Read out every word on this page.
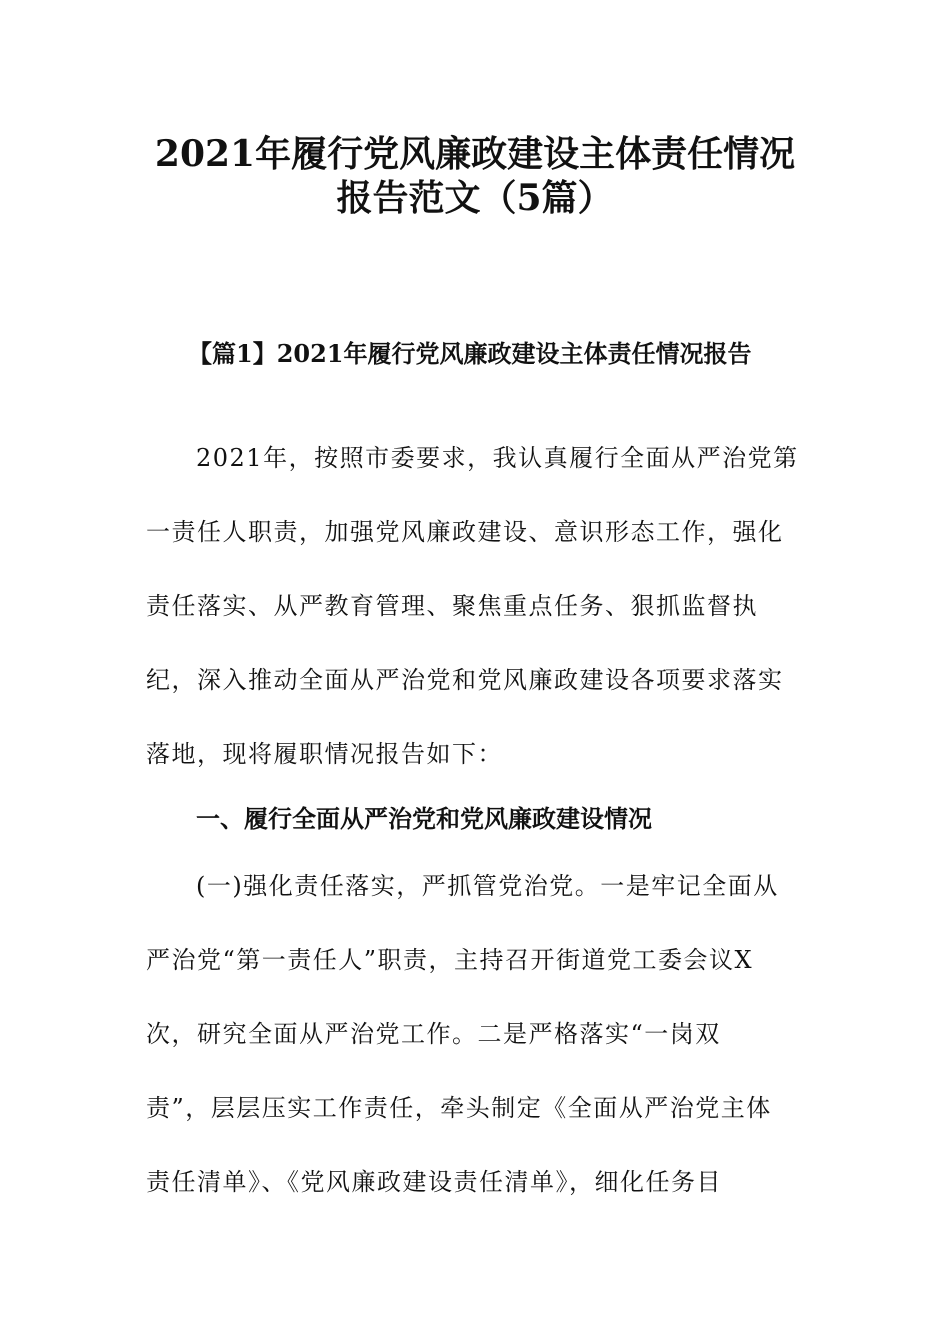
2021年履行党风廉政建设主体责任情况
报告范文（5篇）
【篇1】2021年履行党风廉政建设主体责任情况报告
2021年，按照市委要求，我认真履行全面从严治党第
一责任人职责，加强党风廉政建设、意识形态工作，强化
责任落实、从严教育管理、聚焦重点任务、狠抓监督执
纪，深入推动全面从严治党和党风廉政建设各项要求落实
落地，现将履职情况报告如下：
一、履行全面从严治党和党风廉政建设情况
(一)强化责任落实，严抓管党治党。一是牢记全面从
严治党“第一责任人”职责，主持召开街道党工委会议X
次，研究全面从严治党工作。二是严格落实“一岗双
责”，层层压实工作责任，牵头制定《全面从严治党主体
责任清单》、《党风廉政建设责任清单》，细化任务目
